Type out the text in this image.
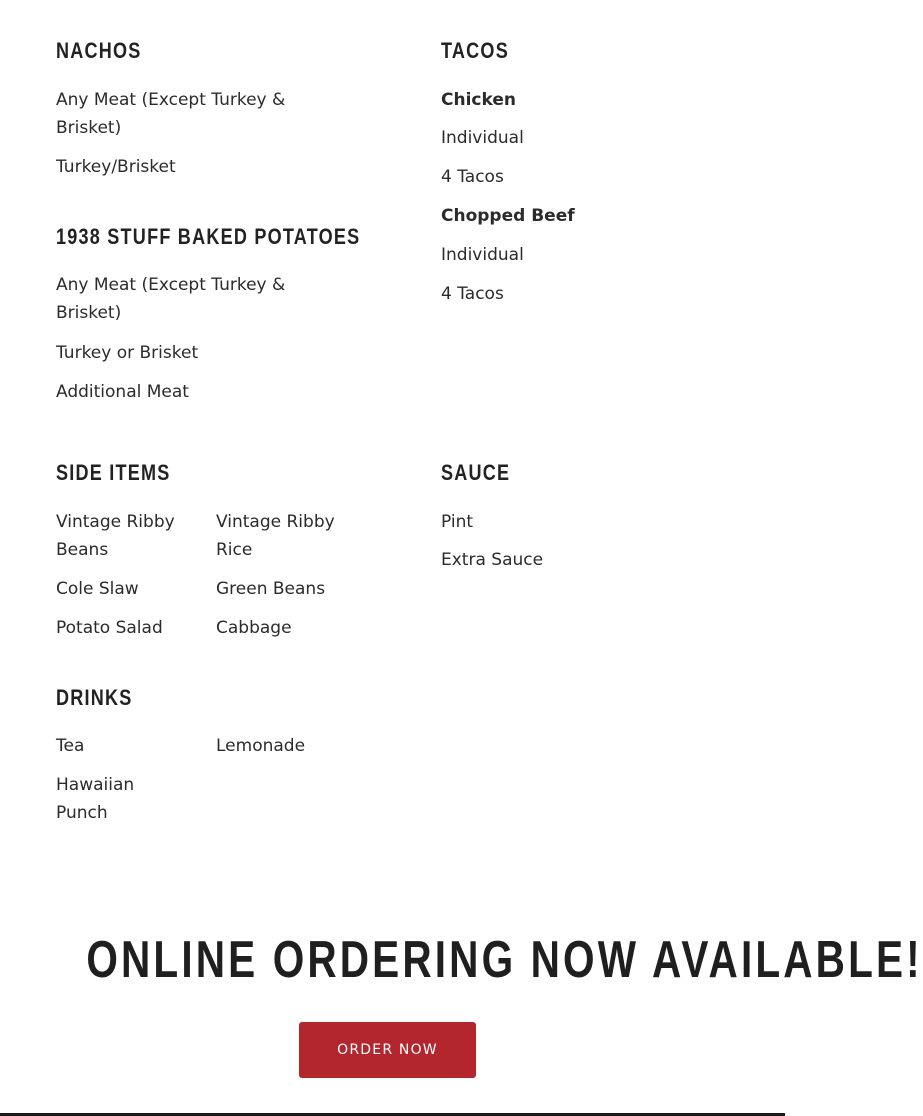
NACHOS

Any Meat (Except Turkey & Brisket)

Turkey/Brisket

TACOS

Chicken

Individual

4 Tacos

Chopped Beef

Individual

4 Tacos

1938 STUFF BAKED POTATOES

Any Meat (Except Turkey & Brisket)

Turkey or Brisket

Additional Meat

SIDE ITEMS

Vintage Ribby Beans

Cole Slaw

Potato Salad

Vintage Ribby Rice

Green Beans

Cabbage

SAUCE

Pint

Extra Sauce

DRINKS

Tea

Hawaiian Punch

Lemonade

ONLINE ORDERING NOW AVAILABLE!
ORDER NOW
